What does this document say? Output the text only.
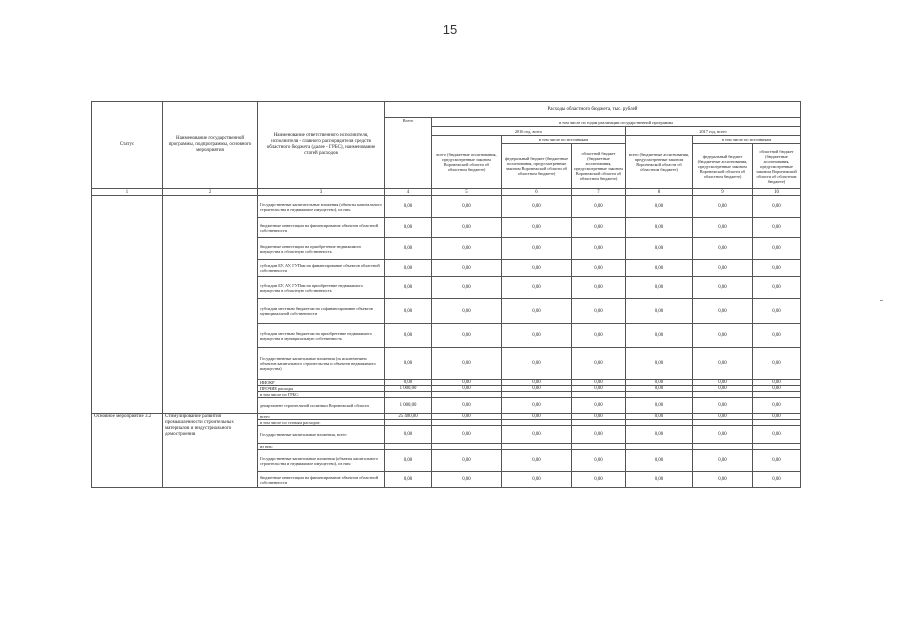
15
Статус	Наименование государственной программы, подпрограммы, основного мероприятия	Наименование ответственного исполнителя, исполнителя - главного распорядителя средств областного бюджета (далее - ГРБС), наименование статей расходов	Расходы областного бюджета, тыс. рублей						
			Всего	в том числе по годам реализации государственной программы					
				2016 год, всего			2017 год, всего		
				всего (бюджетные ассигнования, предусмотренные законом Воронежской области об областном бюджете)	в том числе по источникам		всего (бюджетные ассигнования, предусмотренные законом Воронежской области об областном бюджете)	в том числе по источникам	
					федеральный бюджет (бюджетные ассигнования, предусмотренные законом Воронежской области об областном бюджете)	областной бюджет (бюджетные ассигнования, предусмотренные законом Воронежской области об областном бюджете)		федеральный бюджет (бюджетные ассигнования, предусмотренные законом Воронежской области об областном бюджете)	областной бюджет (бюджетные ассигнования, предусмотренные законом Воронежской области об областном бюджете)
1	2	3	4	5	6	7	8	9	10
		Государственные капитательные вложения (объекты капитального строительства и недвижимое имущество), из них:	0,00	0,00	0,00	0,00	0,00	0,00	0,00
		бюджетные инвестиции на финансирование объектов областной собственности	0,00	0,00	0,00	0,00	0,00	0,00	0,00
		бюджетные инвестиции на приобретение недвижимого имущества в областную собственность	0,00	0,00	0,00	0,00	0,00	0,00	0,00
		субсидии БУ, АУ, ГУПам на финансирование объектов областной собственности	0,00	0,00	0,00	0,00	0,00	0,00	0,00
		субсидии БУ, АУ, ГУПам на приобретение недвижимого имущества в областную собственность	0,00	0,00	0,00	0,00	0,00	0,00	0,00
		субсидии местным бюджетам на софинансирование объектов муниципальной собственности	0,00	0,00	0,00	0,00	0,00	0,00	0,00
		субсидии местным бюджетам на приобретение недвижимого имущества в муниципальную собственность	0,00	0,00	0,00	0,00	0,00	0,00	0,00
		Государственные капитальные вложения (за исключением объектов капитального строительства и объектов недвижимого имущества)	0,00	0,00	0,00	0,00	0,00	0,00	0,00
		НИОКР	0,00	0,00	0,00	0,00	0,00	0,00	0,00
		ПРОЧИЕ расходы	1 000,00	0,00	0,00	0,00	0,00	0,00	0,00
		в том числе по ГРБС:							
		департамент строительной политики Воронежской области	1 000,00	0,00	0,00	0,00	0,00	0,00	0,00
Основное мероприятие 3.2	Стимулирование развития промышленности строительных материалов и индустриального домостроения	всего	25 400,00	0,00	0,00	0,00	0,00	0,00	0,00
		в том числе по статьям расходов:							
		Государственные капитальные вложения, всего	0,00	0,00	0,00	0,00	0,00	0,00	0,00
		из них:							
		Государственные капитальные вложения (объекты капитального строительства и недвижимое имущество), из них:	0,00	0,00	0,00	0,00	0,00	0,00	0,00
		бюджетные инвестиции на финансирование объектов областной собственности	0,00	0,00	0,00	0,00	0,00	0,00	0,00
